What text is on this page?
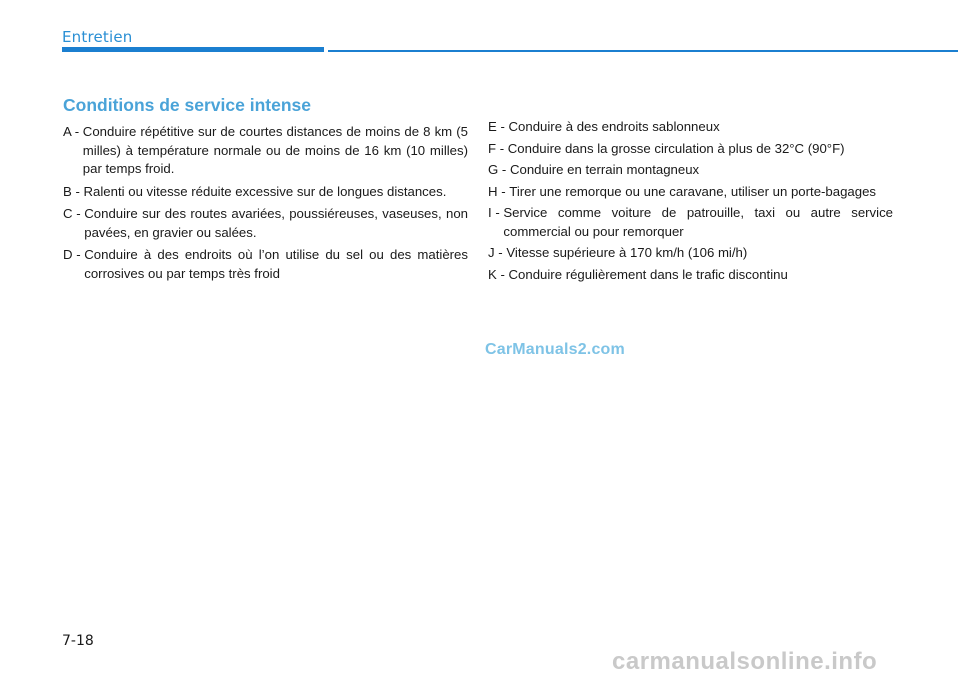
Entretien
Conditions de service intense
A - Conduire répétitive sur de courtes distances de moins de 8 km (5 milles) à température normale ou de moins de 16 km (10 milles) par temps froid.
B - Ralenti ou vitesse réduite excessive sur de longues distances.
C - Conduire sur des routes avariées, poussiéreuses, vaseuses, non pavées, en gravier ou salées.
D - Conduire à des endroits où l’on utilise du sel ou des matières corrosives ou par temps très froid
E - Conduire à des endroits sablonneux
F - Conduire dans la grosse circulation à plus de 32°C (90°F)
G - Conduire en terrain montagneux
H - Tirer une remorque ou une caravane, utiliser un porte-bagages
I - Service comme voiture de patrouille, taxi ou autre service commercial ou pour remorquer
J - Vitesse supérieure à 170 km/h (106 mi/h)
K - Conduire régulièrement dans le trafic discontinu
CarManuals2.com
7-18
carmanualsonline.info
